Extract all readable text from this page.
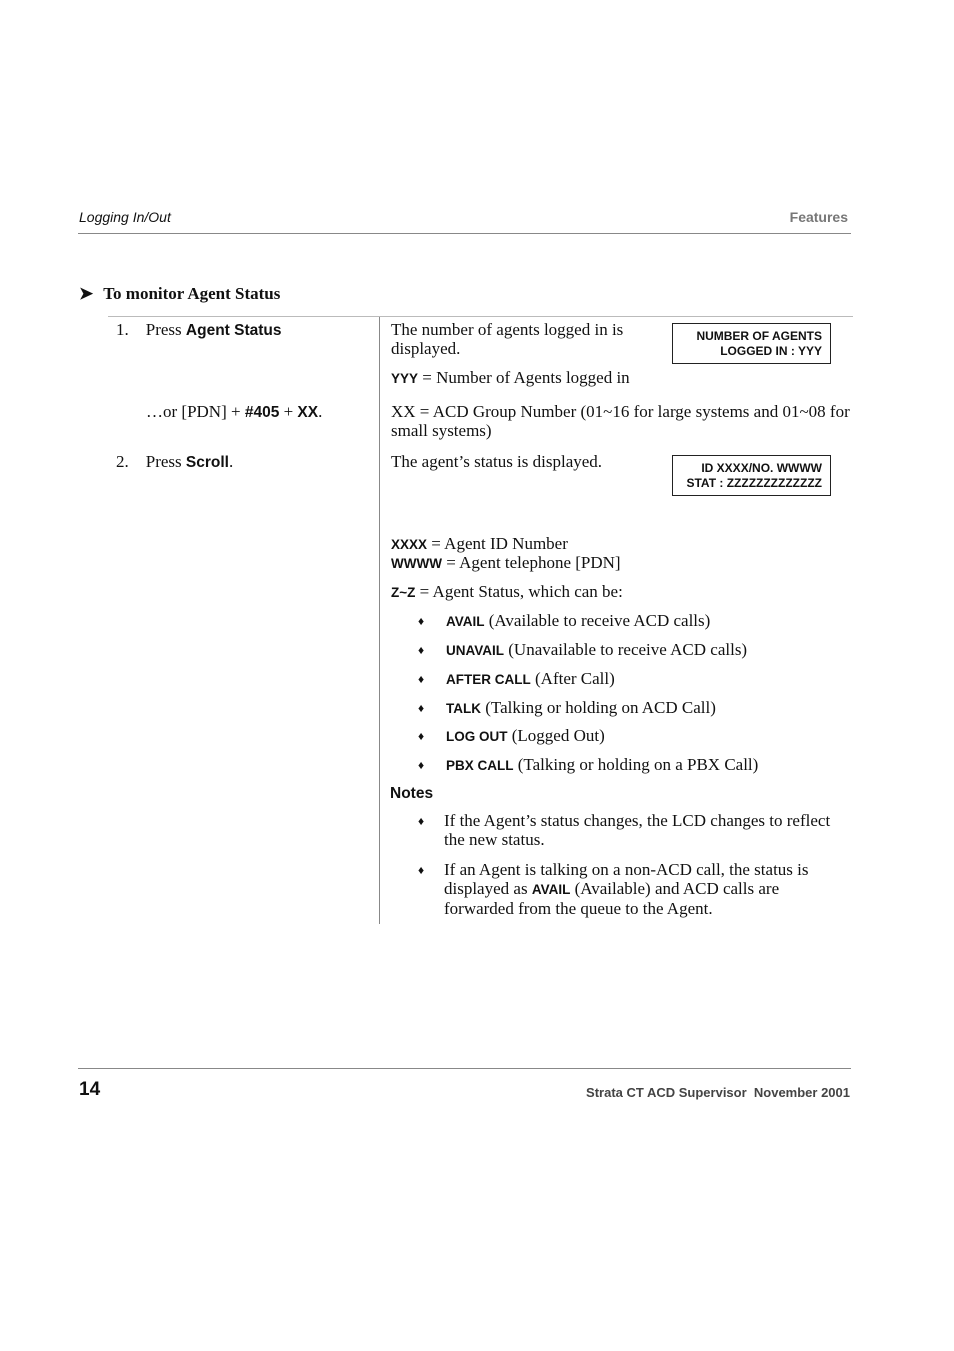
Logging In/Out	Features
➤ To monitor Agent Status
1. Press Agent Status	The number of agents logged in is displayed.
NUMBER OF AGENTS
LOGGED IN : YYY
YYY = Number of Agents logged in
…or [PDN] + #405 + XX.	XX = ACD Group Number (01~16 for large systems and 01~08 for small systems)
2. Press Scroll.	The agent’s status is displayed.	ID XXXX/NO. WWWW
STAT : ZZZZZZZZZZZZZ
XXXX = Agent ID Number
WWWW = Agent telephone [PDN]
Z~Z = Agent Status, which can be:
♦ AVAIL (Available to receive ACD calls)
♦ UNAVAIL (Unavailable to receive ACD calls)
♦ AFTER CALL (After Call)
♦ TALK (Talking or holding on ACD Call)
♦ LOG OUT (Logged Out)
♦ PBX CALL (Talking or holding on a PBX Call)
Notes
♦ If the Agent’s status changes, the LCD changes to reflect the new status.
♦ If an Agent is talking on a non-ACD call, the status is displayed as AVAIL (Available) and ACD calls are forwarded from the queue to the Agent.
14	Strata CT ACD Supervisor  November 2001
